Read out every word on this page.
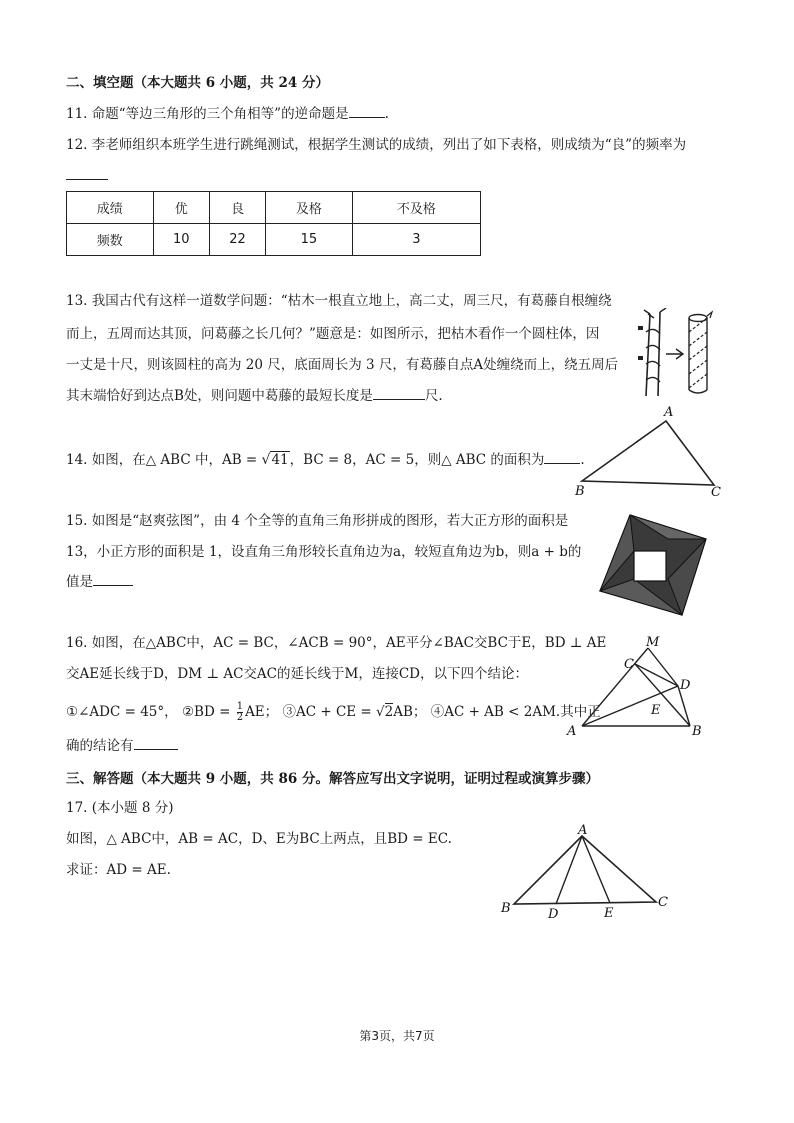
二、填空题（本大题共 6 小题，共 24 分）
11. 命题“等边三角形的三个角相等”的逆命题是	.
12. 李老师组织本班学生进行跳绳测试，根据学生测试的成绩，列出了如下表格，则成绩为“良”的频率为
成绩	优	良	及格	不及格
频数	10	22	15	3
13. 我国古代有这样一道数学问题：“枯木一根直立地上，高二丈，周三尺，有葛藤自根缠绕
而上，五周而达其顶，问葛藤之长几何？”题意是：如图所示，把枯木看作一个圆柱体，因
一丈是十尺，则该圆柱的高为 20 尺，底面周长为 3 尺，有葛藤自点A处缠绕而上，绕五周后
其末端恰好到达点B处，则问题中葛藤的最短长度是	尺.
14. 如图，在△ ABC 中，AB = √41，BC = 8，AC = 5，则△ ABC 的面积为	.
A
B	C
15. 如图是“赵爽弦图”，由 4 个全等的直角三角形拼成的图形，若大正方形的面积是
13，小正方形的面积是 1，设直角三角形较长直角边为a，较短直角边为b，则a + b的
值是
16. 如图，在△ABC中，AC = BC，∠ACB = 90°，AE平分∠BAC交BC于E，BD ⊥ AE
交AE延长线于D，DM ⊥ AC交AC的延长线于M，连接CD，以下四个结论：
①∠ADC = 45°， ②BD = $\frac{1}{2}$ AE； ③AC + CE = √2AB； ④AC + AB < 2AM.其中正
确的结论有
M
C
D
E
A	B
三、解答题（本大题共 9 小题，共 86 分。解答应写出文字说明，证明过程或演算步骤）
17. (本小题 8 分)
如图，△ ABC中，AB = AC，D、E为BC上两点，且BD = EC.
求证：AD = AE.
A
B	C
D	E
第3页，共7页
